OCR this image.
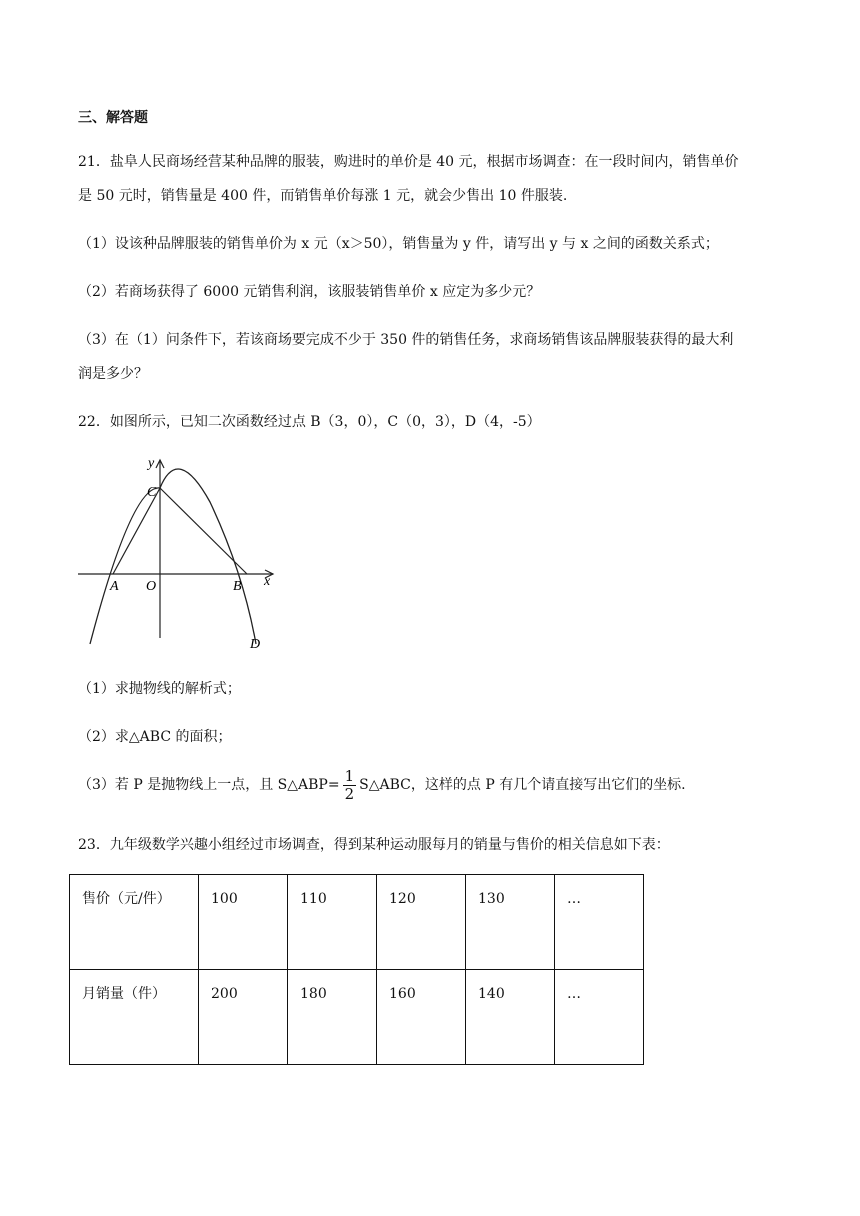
三、解答题
21．盐阜人民商场经营某种品牌的服装，购进时的单价是 40 元，根据市场调查：在一段时间内，销售单价
是 50 元时，销售量是 400 件，而销售单价每涨 1 元，就会少售出 10 件服装.
（1）设该种品牌服装的销售单价为 x 元（x＞50），销售量为 y 件，请写出 y 与 x 之间的函数关系式；
（2）若商场获得了 6000 元销售利润，该服装销售单价 x 应定为多少元？
（3）在（1）问条件下，若该商场要完成不少于 350 件的销售任务，求商场销售该品牌服装获得的最大利
润是多少？
22．如图所示，已知二次函数经过点 B（3，0），C（0，3），D（4，-5）
y
x
C
A O	B
D
（1）求抛物线的解析式；
（2）求△ABC 的面积；
（3）若 P 是抛物线上一点，且 S△ABP= $\frac{1}{2}$ S△ABC，这样的点 P 有几个请直接写出它们的坐标.
23．九年级数学兴趣小组经过市场调查，得到某种运动服每月的销量与售价的相关信息如下表：
售价（元/件）	100	110	120	130	…
月销量（件）	200	180	160	140	…
